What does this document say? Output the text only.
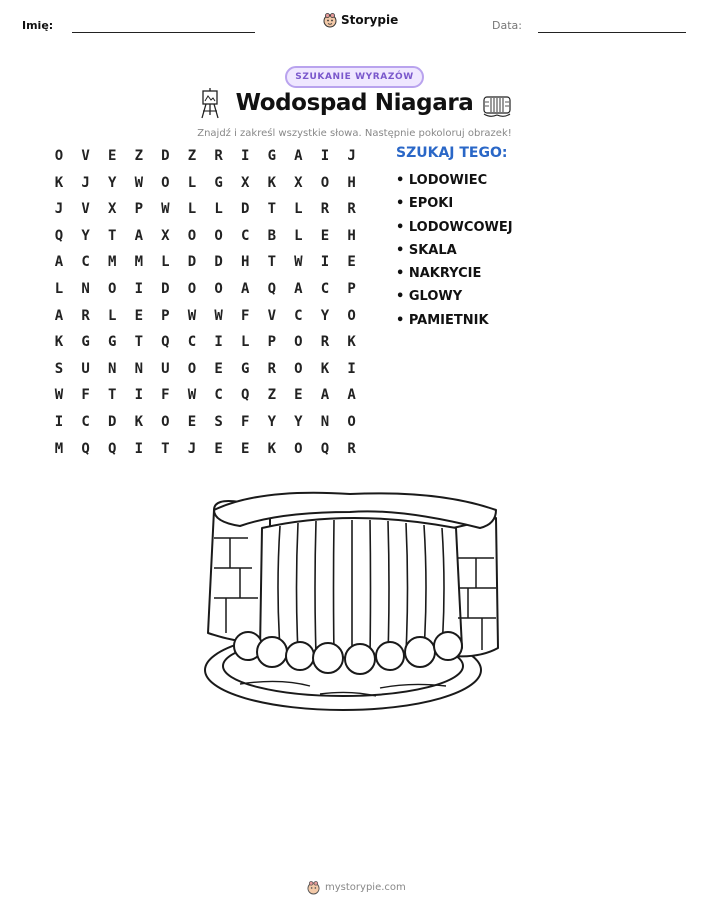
Imię:	Storypie	Data:
SZUKANIE WYRAZÓW
Wodospad Niagara
Znajdź i zakreśl wszystkie słowa. Następnie pokoloruj obrazek!
O	V	E	Z	D	Z	R	I	G	A	I	J
K	J	Y	W	O	L	G	X	K	X	O	H
J	V	X	P	W	L	L	D	T	L	R	R
Q	Y	T	A	X	O	O	C	B	L	E	H
A	C	M	M	L	D	D	H	T	W	I	E
L	N	O	I	D	O	O	A	Q	A	C	P
A	R	L	E	P	W	W	F	V	C	Y	O
K	G	G	T	Q	C	I	L	P	O	R	K
S	U	N	N	U	O	E	G	R	O	K	I
W	F	T	I	F	W	C	Q	Z	E	A	A
I	C	D	K	O	E	S	F	Y	Y	N	O
M	Q	Q	I	T	J	E	E	K	O	Q	R
SZUKAJ TEGO:
• LODOWIEC
• EPOKI
• LODOWCOWEJ
• SKALA
• NAKRYCIE
• GLOWY
• PAMIETNIK
mystorypie.com
